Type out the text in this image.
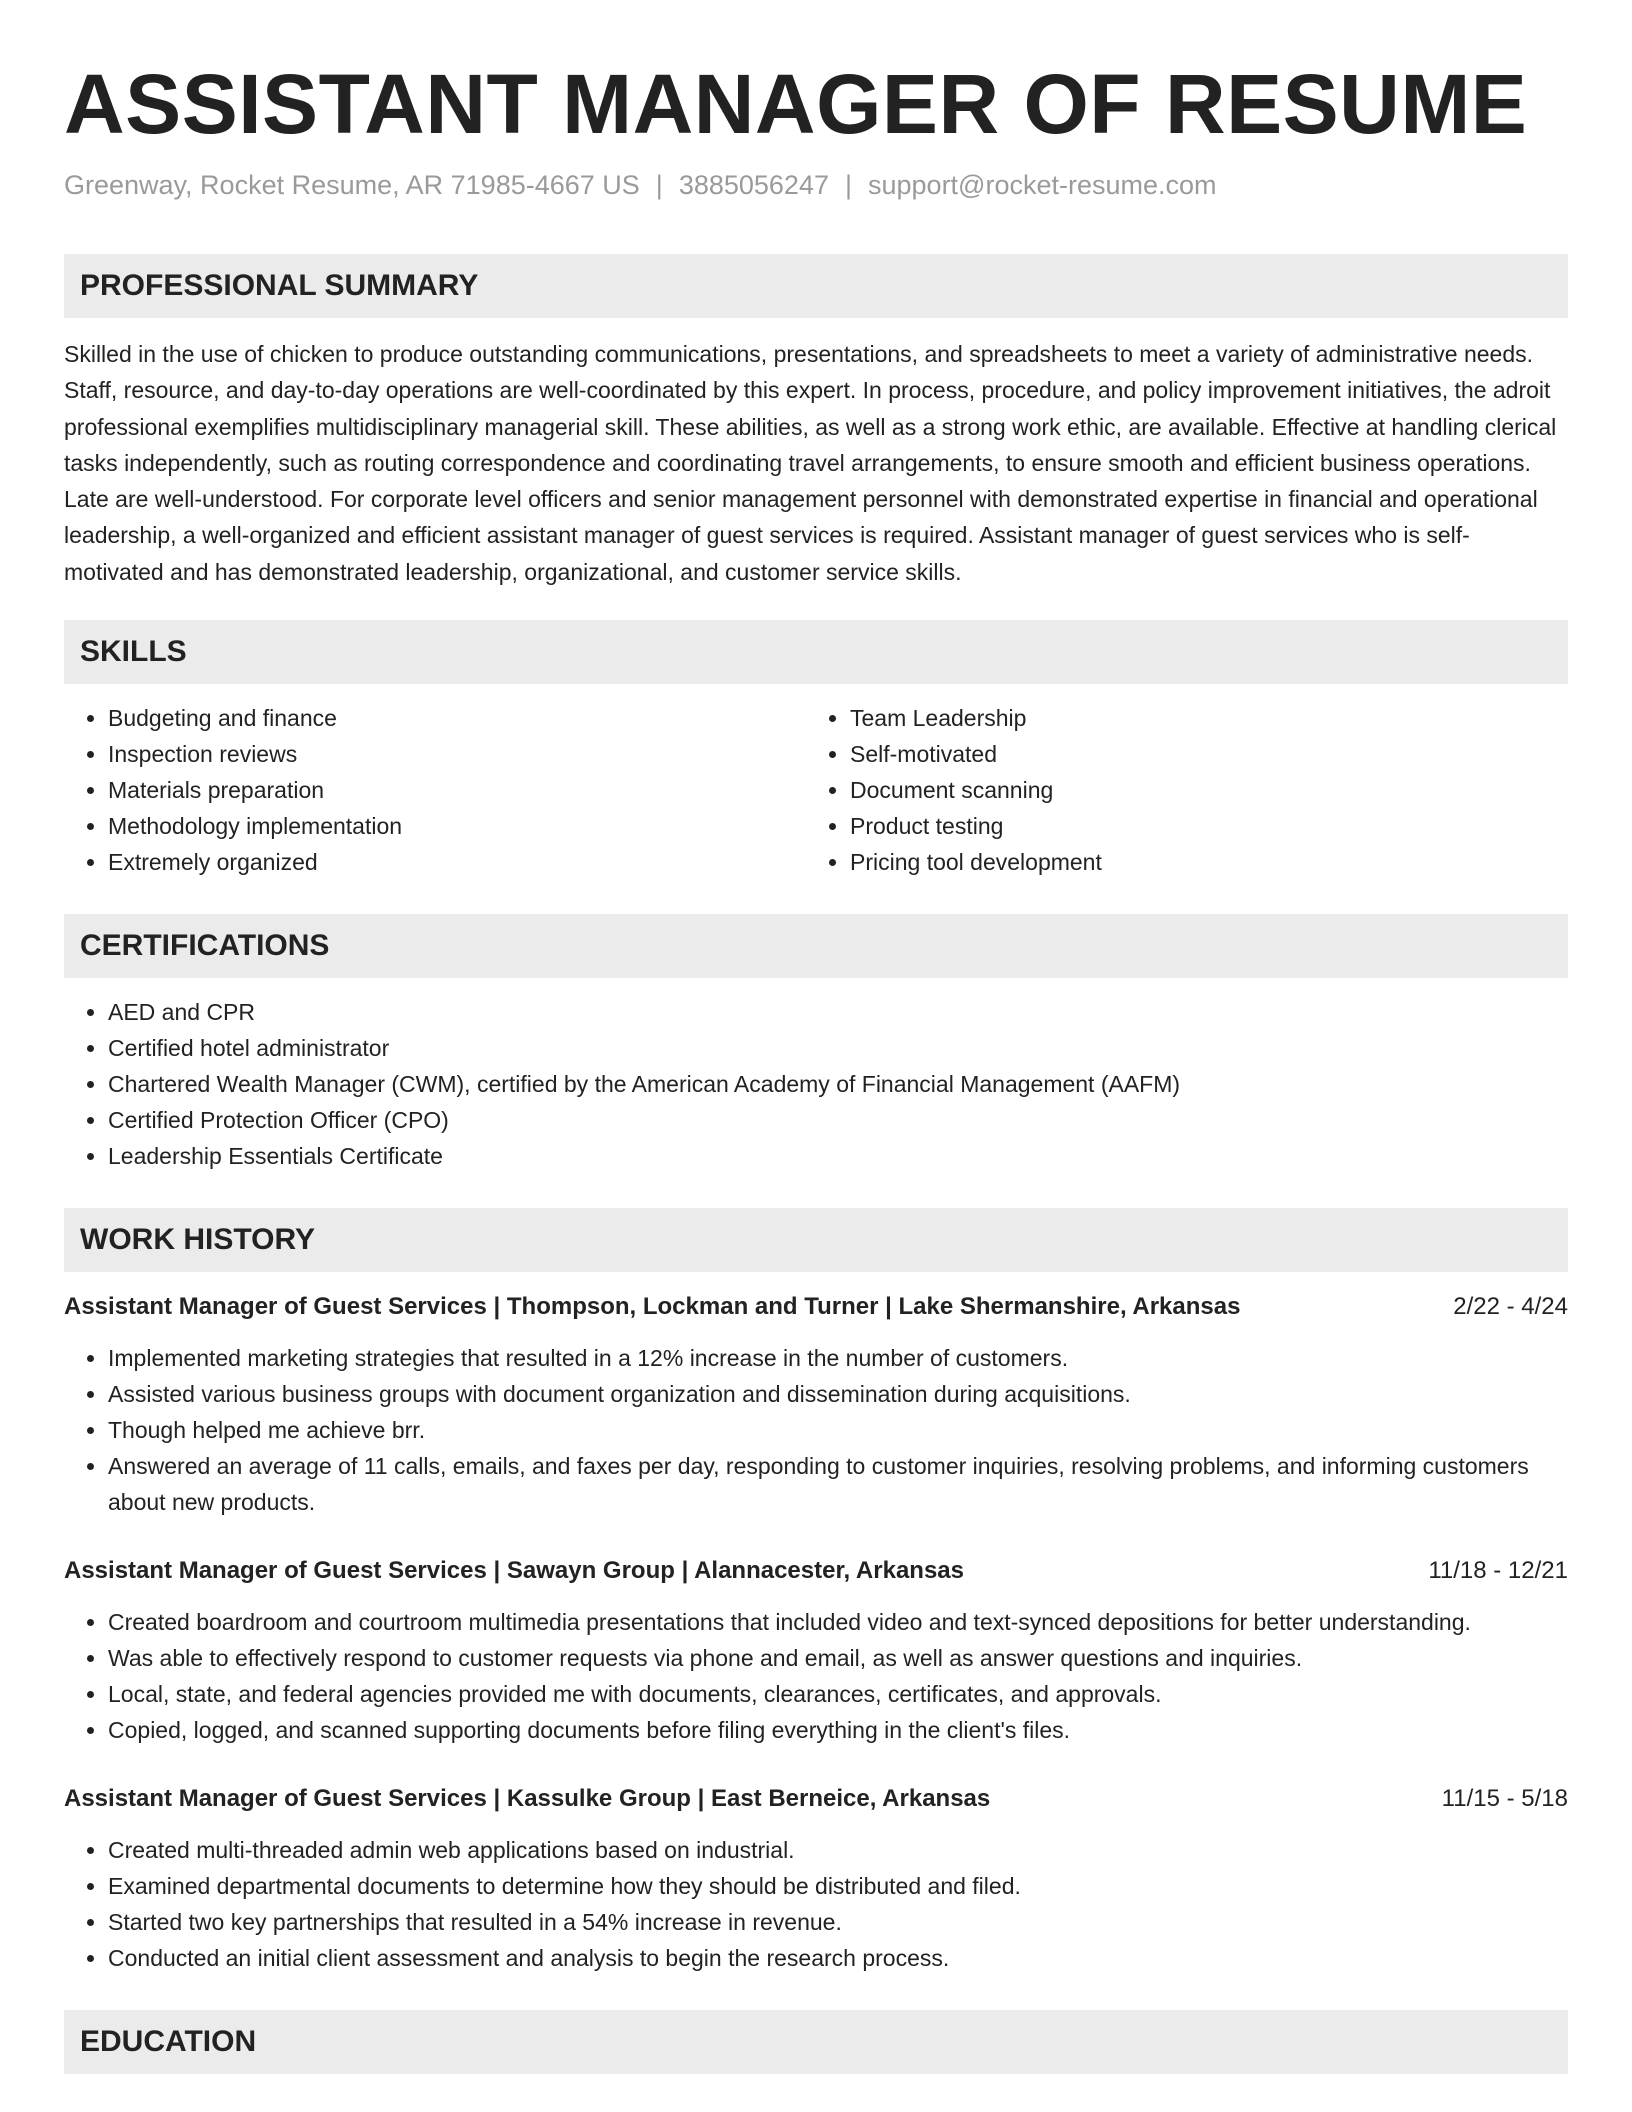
ASSISTANT MANAGER OF RESUME
Greenway, Rocket Resume, AR 71985-4667 US | 3885056247 | support@rocket-resume.com
PROFESSIONAL SUMMARY
Skilled in the use of chicken to produce outstanding communications, presentations, and spreadsheets to meet a variety of administrative needs. Staff, resource, and day-to-day operations are well-coordinated by this expert. In process, procedure, and policy improvement initiatives, the adroit professional exemplifies multidisciplinary managerial skill. These abilities, as well as a strong work ethic, are available. Effective at handling clerical tasks independently, such as routing correspondence and coordinating travel arrangements, to ensure smooth and efficient business operations. Late are well-understood. For corporate level officers and senior management personnel with demonstrated expertise in financial and operational leadership, a well-organized and efficient assistant manager of guest services is required. Assistant manager of guest services who is self-motivated and has demonstrated leadership, organizational, and customer service skills.
SKILLS
• Budgeting and finance
• Inspection reviews
• Materials preparation
• Methodology implementation
• Extremely organized
• Team Leadership
• Self-motivated
• Document scanning
• Product testing
• Pricing tool development
CERTIFICATIONS
• AED and CPR
• Certified hotel administrator
• Chartered Wealth Manager (CWM), certified by the American Academy of Financial Management (AAFM)
• Certified Protection Officer (CPO)
• Leadership Essentials Certificate
WORK HISTORY
Assistant Manager of Guest Services | Thompson, Lockman and Turner | Lake Shermanshire, Arkansas	2/22 - 4/24
• Implemented marketing strategies that resulted in a 12% increase in the number of customers.
• Assisted various business groups with document organization and dissemination during acquisitions.
• Though helped me achieve brr.
• Answered an average of 11 calls, emails, and faxes per day, responding to customer inquiries, resolving problems, and informing customers about new products.
Assistant Manager of Guest Services | Sawayn Group | Alannacester, Arkansas	11/18 - 12/21
• Created boardroom and courtroom multimedia presentations that included video and text-synced depositions for better understanding.
• Was able to effectively respond to customer requests via phone and email, as well as answer questions and inquiries.
• Local, state, and federal agencies provided me with documents, clearances, certificates, and approvals.
• Copied, logged, and scanned supporting documents before filing everything in the client's files.
Assistant Manager of Guest Services | Kassulke Group | East Berneice, Arkansas	11/15 - 5/18
• Created multi-threaded admin web applications based on industrial.
• Examined departmental documents to determine how they should be distributed and filed.
• Started two key partnerships that resulted in a 54% increase in revenue.
• Conducted an initial client assessment and analysis to begin the research process.
EDUCATION
